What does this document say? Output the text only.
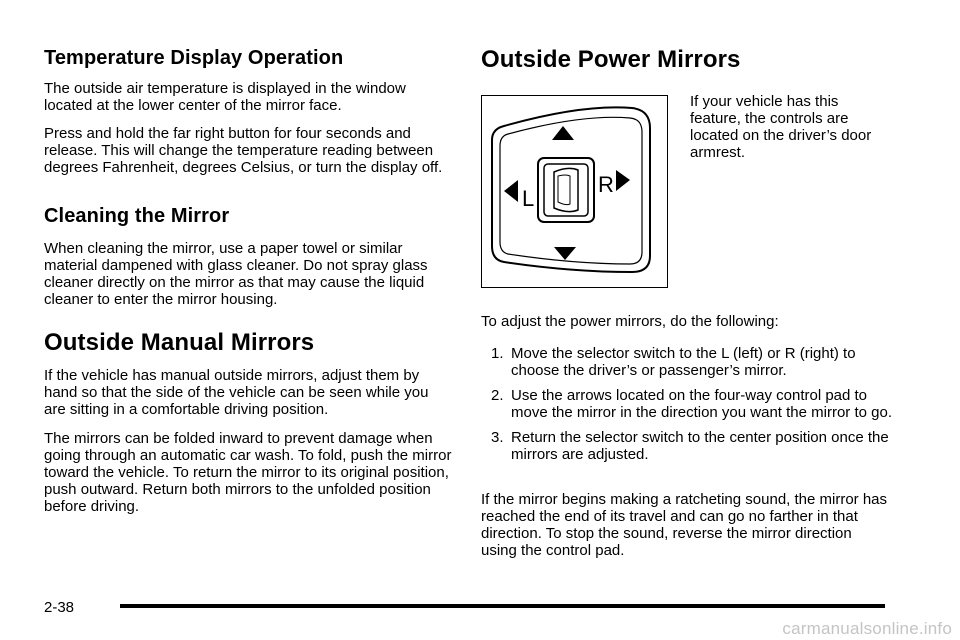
Temperature Display Operation

The outside air temperature is displayed in the window located at the lower center of the mirror face.

Press and hold the far right button for four seconds and release. This will change the temperature reading between degrees Fahrenheit, degrees Celsius, or turn the display off.

Cleaning the Mirror

When cleaning the mirror, use a paper towel or similar material dampened with glass cleaner. Do not spray glass cleaner directly on the mirror as that may cause the liquid cleaner to enter the mirror housing.

Outside Manual Mirrors

If the vehicle has manual outside mirrors, adjust them by hand so that the side of the vehicle can be seen while you are sitting in a comfortable driving position.

The mirrors can be folded inward to prevent damage when going through an automatic car wash. To fold, push the mirror toward the vehicle. To return the mirror to its original position, push outward. Return both mirrors to the unfolded position before driving.

Outside Power Mirrors
L
R

If your vehicle has this feature, the controls are located on the driver’s door armrest.

To adjust the power mirrors, do the following:

1. Move the selector switch to the L (left) or R (right) to choose the driver’s or passenger’s mirror.
2. Use the arrows located on the four-way control pad to move the mirror in the direction you want the mirror to go.
3. Return the selector switch to the center position once the mirrors are adjusted.

If the mirror begins making a ratcheting sound, the mirror has reached the end of its travel and can go no farther in that direction. To stop the sound, reverse the mirror direction using the control pad.

2-38
carmanualsonline.info
